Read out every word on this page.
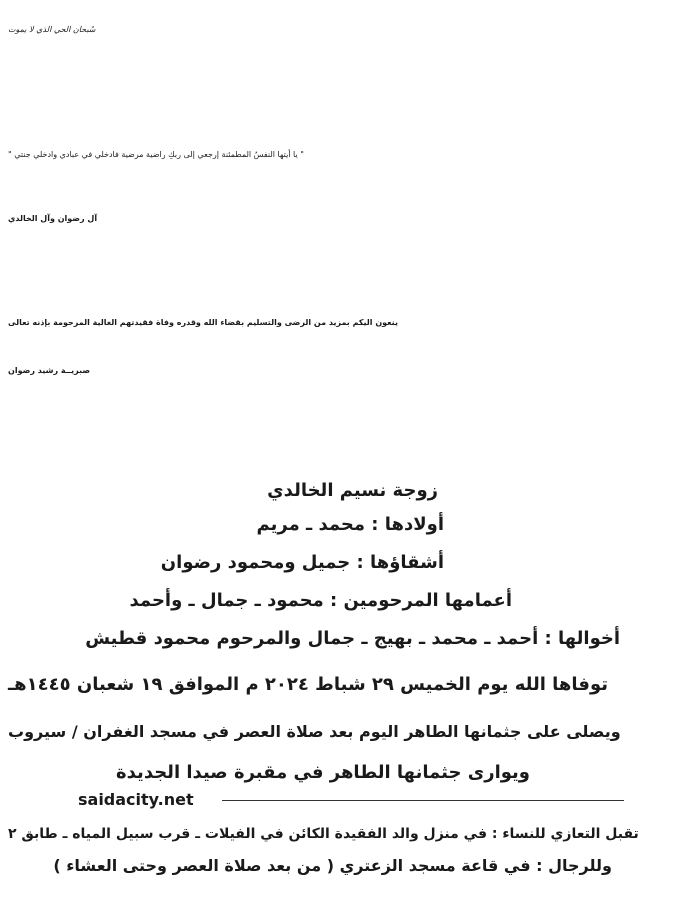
سُبحان الحي الذي لا يموت
" يا أيتها النفسُ المطمئنة إرجعي إلى ربكِ راضية مرضية فادخلي في عبادي وادخلي جنتي "
آل رضوان وآل الخالدي
ينعون اليكم بمزيد من الرضى والتسليم بقضاء الله وقدره وفاة فقيدتهم الغالية المرحومة بإذنه تعالى
صبريــة رشيد رضوان
زوجة نسيم الخالدي
أولادها : محمد ـ مريم
أشقاؤها : جميل ومحمود رضوان
أعمامها المرحومين : محمود ـ جمال ـ وأحمد
أخوالها : أحمد ـ محمد ـ بهيج ـ جمال والمرحوم محمود قطيش
توفاها الله يوم الخميس ٢٩ شباط ٢٠٢٤ م الموافق ١٩ شعبان ١٤٤٥هـ
ويصلى على جثمانها الطاهر اليوم بعد صلاة العصر في مسجد الغفران / سيروب
ويوارى جثمانها الطاهر في مقبرة صيدا الجديدة
saidacity.net
تقبل التعازي للنساء : في منزل والد الفقيدة الكائن في الفيلات ـ قرب سبيل المياه ـ طابق ٢
وللرجال : في قاعة مسجد الزعتري ( من بعد صلاة العصر وحتى العشاء )
